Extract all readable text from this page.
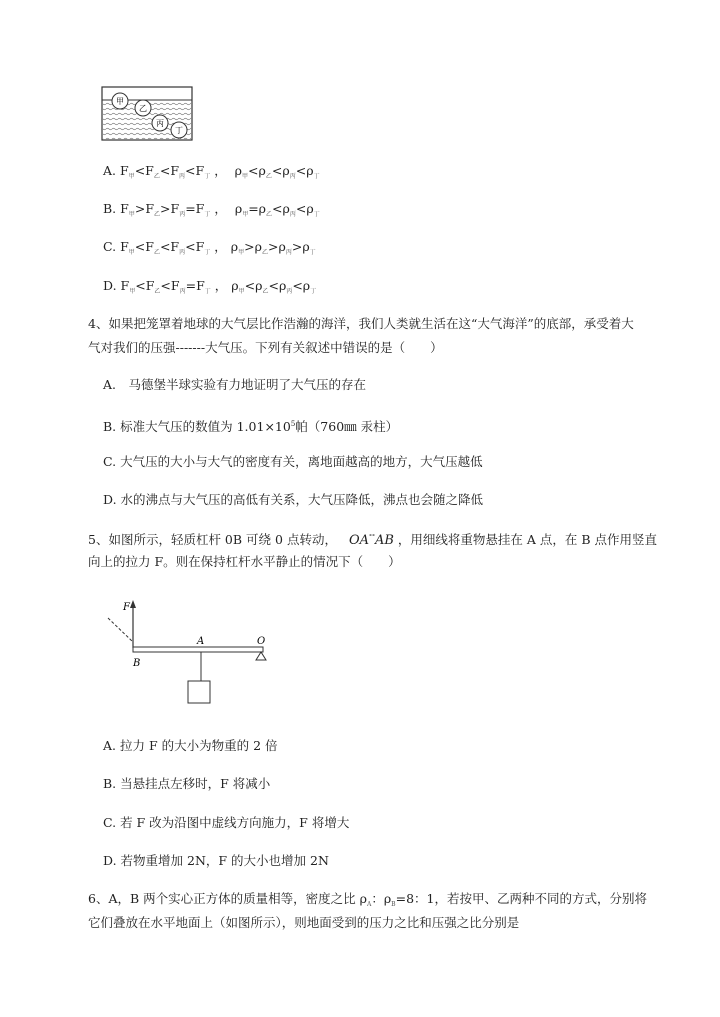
甲
乙
丙
丁
A. $F_甲<F_乙<F_丙<F_丁$ ， $\rho_甲<\rho_乙<\rho_丙<\rho_丁$
B. $F_甲>F_乙>F_丙=F_丁$ ， $\rho_甲=\rho_乙<\rho_丙<\rho_丁$
C. $F_甲<F_乙<F_丙<F_丁$ ， $\rho_甲>\rho_乙>\rho_丙>\rho_丁$
D. $F_甲<F_乙<F_丙=F_丁$ ， $\rho_甲<\rho_乙<\rho_丙<\rho_丁$
4、如果把笼罩着地球的大气层比作浩瀚的海洋，我们人类就生活在这“大气海洋”的底部，承受着大
气对我们的压强-------大气压。下列有关叙述中错误的是（　　）
A.　马德堡半球实验有力地证明了大气压的存在
B. 标准大气压的数值为 $1.01\times 10^5$帕（760㎜ 汞柱）
C. 大气压的大小与大气的密度有关，离地面越高的地方，大气压越低
D. 水的沸点与大气压的高低有关系，大气压降低，沸点也会随之降低
5、如图所示，轻质杠杆 0B 可绕 0 点转动， OA°°AB ，用细线将重物悬挂在 A 点，在 B 点作用竖直
向上的拉力 F。则在保持杠杆水平静止的情况下（　　）
F
O
B
A
A. 拉力 F 的大小为物重的 2 倍
B. 当悬挂点左移时，F 将减小
C. 若 F 改为沿图中虚线方向施力，F 将增大
D. 若物重增加 2N，F 的大小也增加 2N
6、A，B 两个实心正方体的质量相等，密度之比 $\rho_A$：$\rho_B=8$：1，若按甲、乙两种不同的方式，分别将
它们叠放在水平地面上（如图所示），则地面受到的压力之比和压强之比分别是
